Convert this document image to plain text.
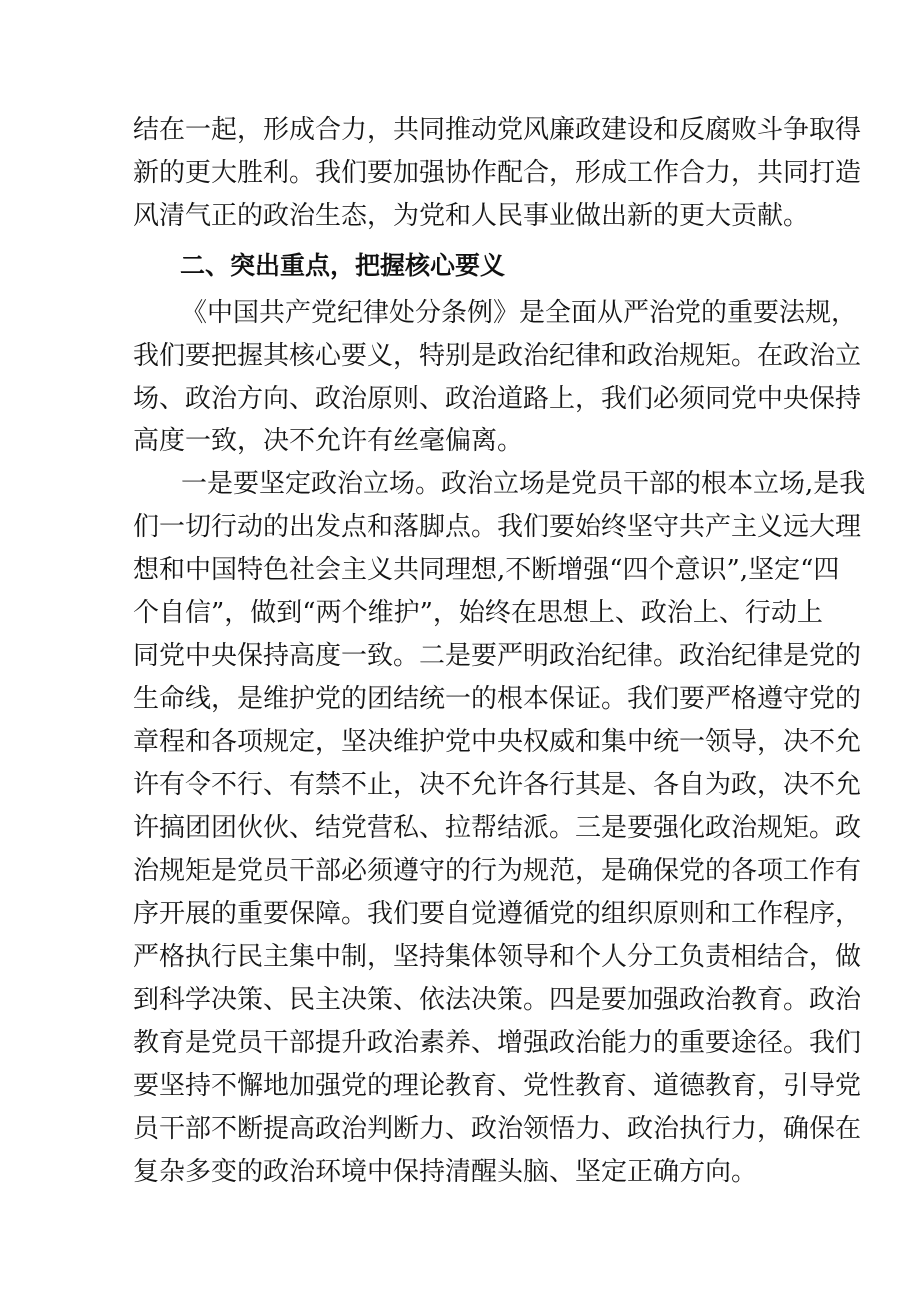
结在一起，形成合力，共同推动党风廉政建设和反腐败斗争取得
新的更大胜利。我们要加强协作配合，形成工作合力，共同打造
风清气正的政治生态，为党和人民事业做出新的更大贡献。
二、突出重点，把握核心要义
《中国共产党纪律处分条例》是全面从严治党的重要法规，
我们要把握其核心要义，特别是政治纪律和政治规矩。在政治立
场、政治方向、政治原则、政治道路上，我们必须同党中央保持
高度一致，决不允许有丝毫偏离。
一是要坚定政治立场。政治立场是党员干部的根本立场,是我
们一切行动的出发点和落脚点。我们要始终坚守共产主义远大理
想和中国特色社会主义共同理想,不断增强“四个意识”,坚定“四
个自信”，做到“两个维护”，始终在思想上、政治上、行动上
同党中央保持高度一致。二是要严明政治纪律。政治纪律是党的
生命线，是维护党的团结统一的根本保证。我们要严格遵守党的
章程和各项规定，坚决维护党中央权威和集中统一领导，决不允
许有令不行、有禁不止，决不允许各行其是、各自为政，决不允
许搞团团伙伙、结党营私、拉帮结派。三是要强化政治规矩。政
治规矩是党员干部必须遵守的行为规范，是确保党的各项工作有
序开展的重要保障。我们要自觉遵循党的组织原则和工作程序，
严格执行民主集中制，坚持集体领导和个人分工负责相结合，做
到科学决策、民主决策、依法决策。四是要加强政治教育。政治
教育是党员干部提升政治素养、增强政治能力的重要途径。我们
要坚持不懈地加强党的理论教育、党性教育、道德教育，引导党
员干部不断提高政治判断力、政治领悟力、政治执行力，确保在
复杂多变的政治环境中保持清醒头脑、坚定正确方向。
